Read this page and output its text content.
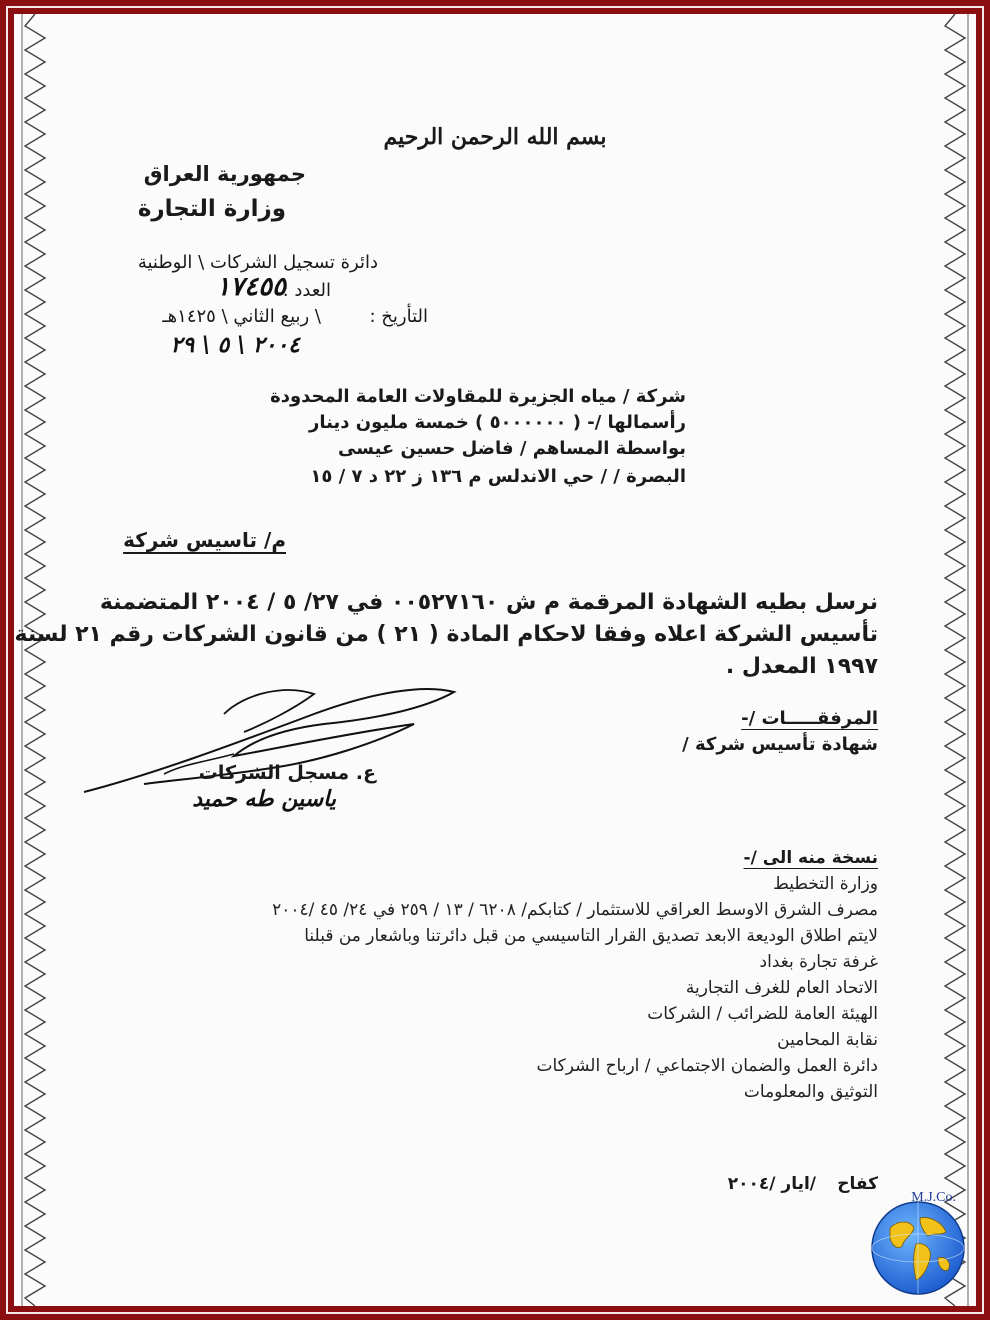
بسم الله الرحمن الرحيم
جمهورية العراق
وزارة التجارة
دائرة تسجيل الشركات \ الوطنية
العدد :
١٧٤٥٥
التأريخ :
\ ربيع الثاني \ ١٤٢٥هـ
٢٠٠٤ \ ٥ \ ٢٩
شركة / مياه الجزيرة للمقاولات العامة المحدودة
رأسمالها /- ( ٥٠٠٠٠٠٠ ) خمسة مليون دينار
بواسطة المساهم / فاضل حسين عيسى
البصرة / / حي الاندلس م ١٣٦ ز ٢٢ د ٧ / ١٥
م/ تاسيس شركة
نرسل بطيه الشهادة المرقمة م ش ٠٠٥٢٧١٦٠ في ٢٧/ ٥ / ٢٠٠٤ المتضمنة
تأسيس الشركة اعلاه وفقا لاحكام المادة ( ٢١ ) من قانون الشركات رقم ٢١ لسنة
١٩٩٧ المعدل .
المرفقـــــات /-
شهادة تأسيس شركة /
ع. مسجل الشركات
ياسين طه حميد
نسخة منه الى /-
وزارة التخطيط
مصرف الشرق الاوسط العراقي للاستثمار / كتابكم/ ٦٢٠٨ / ١٣ / ٢٥٩ في ٢٤/ ٤٥ /٢٠٠٤
لايتم اطلاق الوديعة الابعد تصديق القرار التاسيسي من قبل دائرتنا وباشعار من قبلنا
غرفة تجارة بغداد
الاتحاد العام للغرف التجارية
الهيئة العامة للضرائب / الشركات
نقابة المحامين
دائرة العمل والضمان الاجتماعي / ارباح الشركات
التوثيق والمعلومات
كفاح
/ايار /٢٠٠٤
M.J.Co.
